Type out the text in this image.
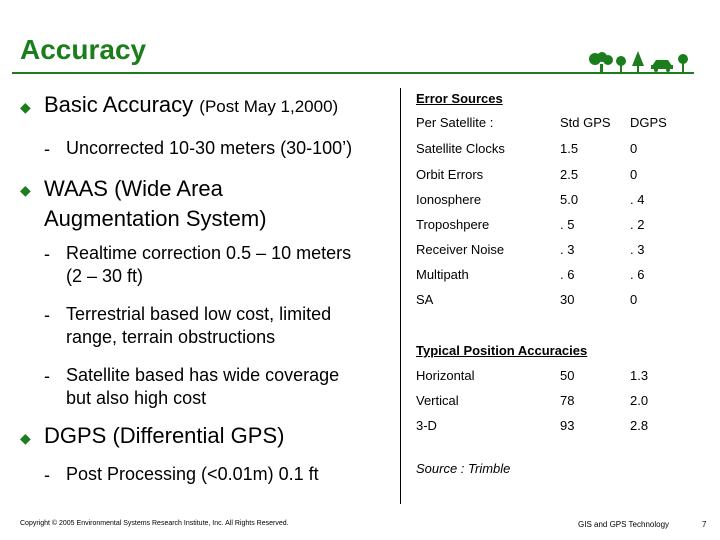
Accuracy
◆ Basic Accuracy (Post May 1,2000)
- Uncorrected 10-30 meters (30-100’)
◆ WAAS (Wide Area
Augmentation System)
- Realtime correction 0.5 – 10 meters
(2 – 30 ft)
- Terrestrial based low cost, limited
range, terrain obstructions
- Satellite based has wide coverage
but also high cost
◆ DGPS (Differential GPS)
- Post Processing (<0.01m) 0.1 ft
Error Sources
Per Satellite :	Std GPS DGPS
Satellite Clocks	1.5	0
Orbit Errors	2.5	0
Ionosphere	5.0	. 4
Troposhpere	. 5	. 2
Receiver Noise	. 3	. 3
Multipath	. 6	. 6
SA	30	0
Typical Position Accuracies
Horizontal	50	1.3
Vertical	78	2.0
3-D	93	2.8
Source : Trimble
Copyright © 2005 Environmental Systems Research Institute, Inc. All Rights Reserved.	GIS and GPS Technology	7
